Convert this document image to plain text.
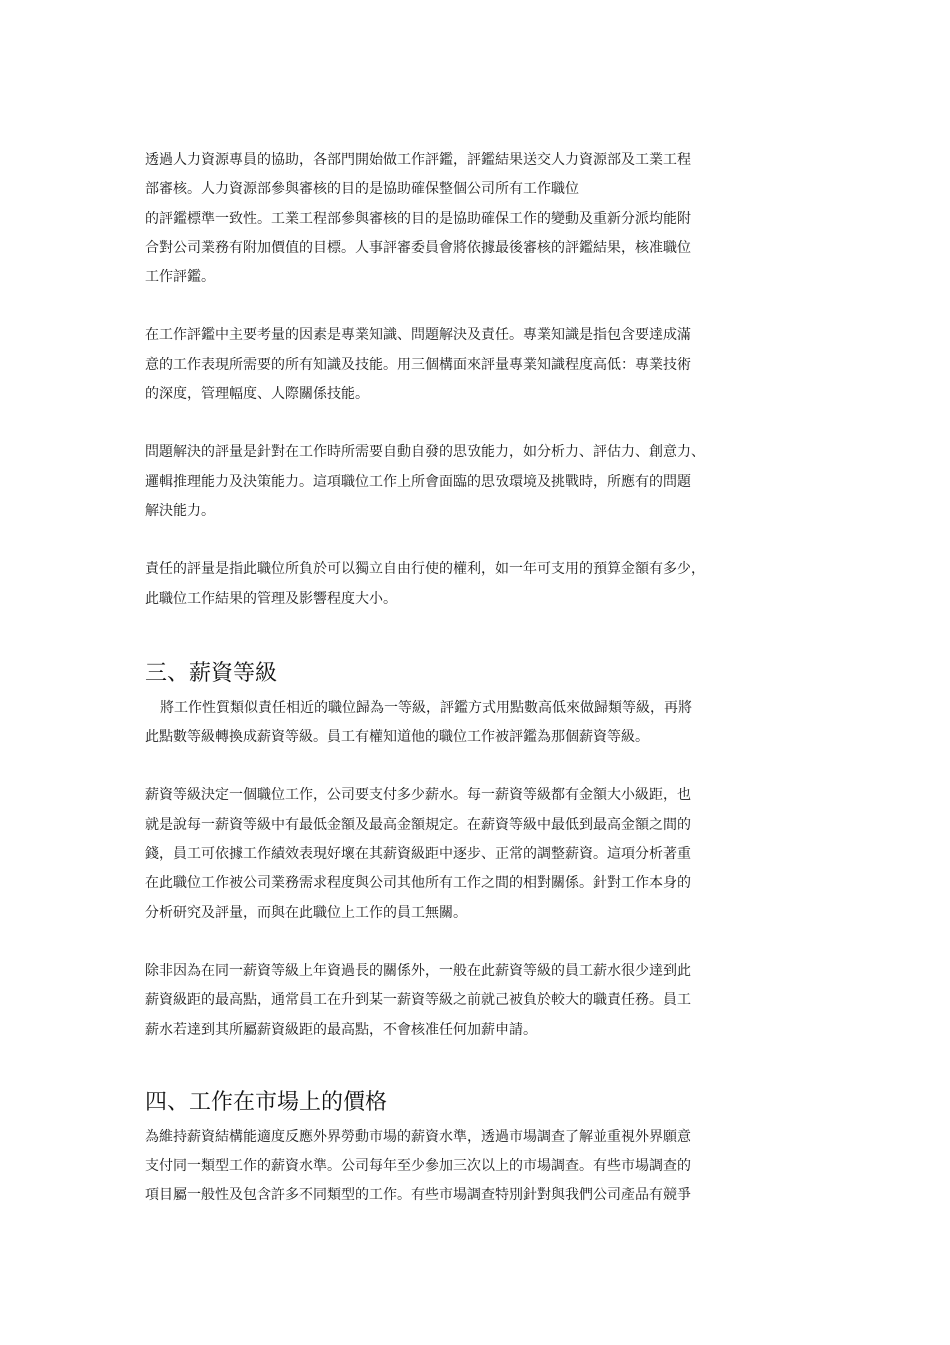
透過人力資源專員的協助，各部門開始做工作評鑑，評鑑結果送交人力資源部及工業工程
部審核。人力資源部參與審核的目的是協助確保整個公司所有工作職位
的評鑑標準一致性。工業工程部參與審核的目的是協助確保工作的變動及重新分派均能附
合對公司業務有附加價值的目標。人事評審委員會將依據最後審核的評鑑結果，核准職位
工作評鑑。
在工作評鑑中主要考量的因素是專業知識、問題解決及責任。專業知識是指包含要達成滿
意的工作表現所需要的所有知識及技能。用三個構面來評量專業知識程度高低：專業技術
的深度，管理幅度、人際關係技能。
問題解決的評量是針對在工作時所需要自動自發的思攷能力，如分析力、評估力、創意力、
邏輯推理能力及決策能力。這項職位工作上所會面臨的思攷環境及挑戰時，所應有的問題
解決能力。
責任的評量是指此職位所負於可以獨立自由行使的權利，如一年可支用的預算金額有多少，
此職位工作結果的管理及影響程度大小。
三、薪資等級
將工作性質類似責任相近的職位歸為一等級，評鑑方式用點數高低來做歸類等級，再將
此點數等級轉換成薪資等級。員工有權知道他的職位工作被評鑑為那個薪資等級。
薪資等級決定一個職位工作，公司要支付多少薪水。每一薪資等級都有金額大小級距，也
就是說每一薪資等級中有最低金額及最高金額規定。在薪資等級中最低到最高金額之間的
錢，員工可依據工作績效表現好壞在其薪資級距中逐步、正常的調整薪資。這項分析著重
在此職位工作被公司業務需求程度與公司其他所有工作之間的相對關係。針對工作本身的
分析研究及評量，而與在此職位上工作的員工無關。
除非因為在同一薪資等級上年資過長的關係外，一般在此薪資等級的員工薪水很少達到此
薪資級距的最高點，通常員工在升到某一薪資等級之前就己被負於較大的職責任務。員工
薪水若達到其所屬薪資級距的最高點，不會核准任何加薪申請。
四、工作在市場上的價格
為維持薪資結構能適度反應外界勞動市場的薪資水準，透過市場調查了解並重視外界願意
支付同一類型工作的薪資水準。公司每年至少參加三次以上的市場調查。有些市場調查的
項目屬一般性及包含許多不同類型的工作。有些市場調查特別針對與我們公司產品有競爭
